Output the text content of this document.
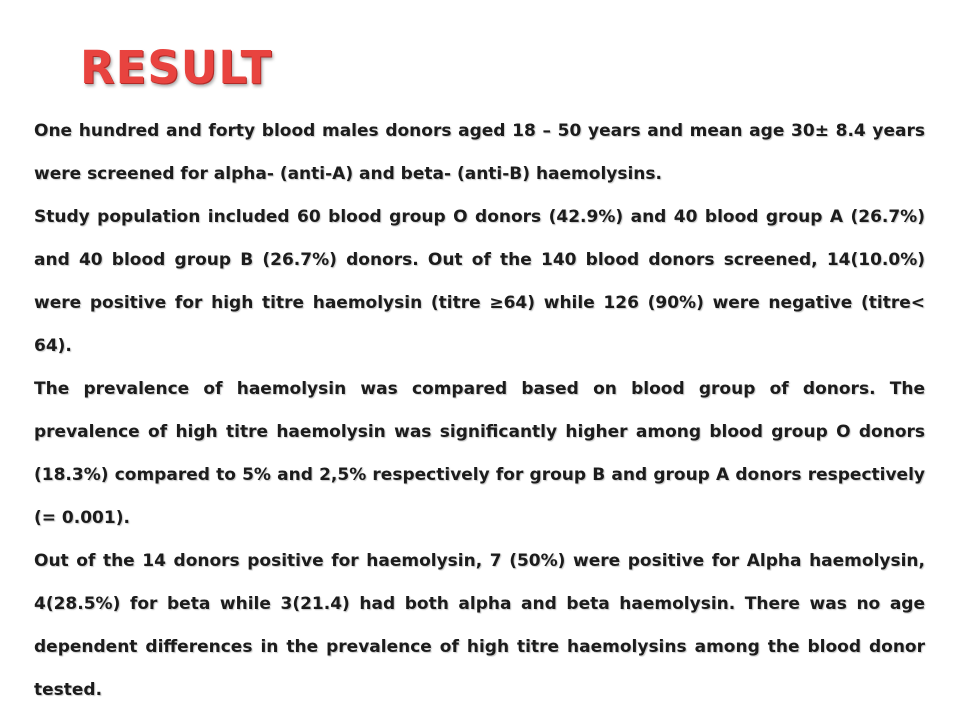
RESULT

One hundred and forty blood males donors aged 18 – 50 years and mean age 30± 8.4 years were screened for alpha- (anti-A) and beta- (anti-B) haemolysins.

Study population included 60 blood group O donors (42.9%) and 40 blood group A (26.7%) and 40 blood group B (26.7%) donors. Out of the 140 blood donors screened, 14(10.0%) were positive for high titre haemolysin (titre ≥64) while 126 (90%) were negative (titre< 64).

The prevalence of haemolysin was compared based on blood group of donors. The prevalence of high titre haemolysin was significantly higher among blood group O donors (18.3%) compared to 5% and 2,5% respectively for group B and group A donors respectively (= 0.001).

Out of the 14 donors positive for haemolysin, 7 (50%) were positive for Alpha haemolysin, 4(28.5%) for beta while 3(21.4) had both alpha and beta haemolysin. There was no age dependent differences in the prevalence of high titre haemolysins among the blood donor tested.
